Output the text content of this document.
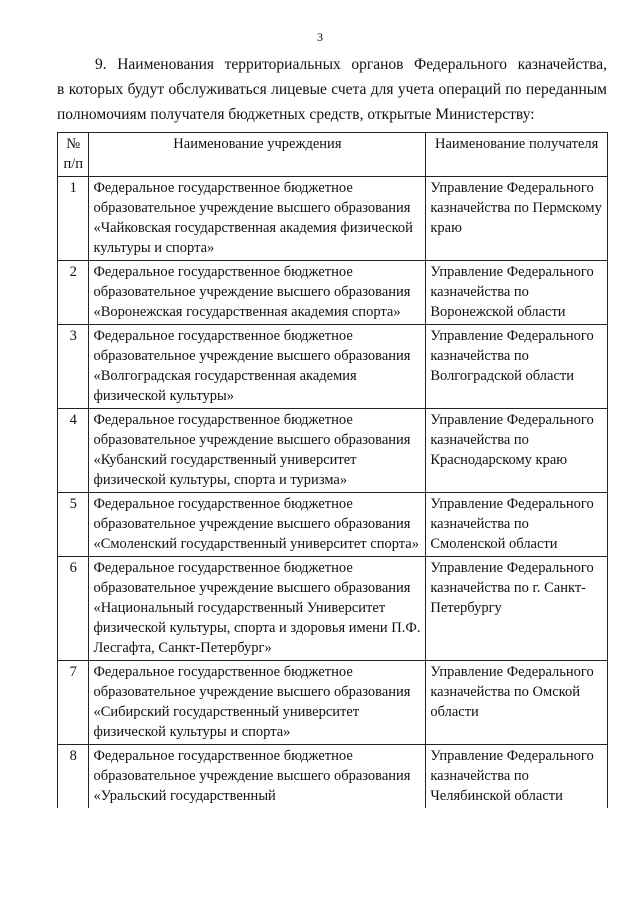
3
9. Наименования территориальных органов Федерального казначейства,
в которых будут обслуживаться лицевые счета для учета операций по переданным
полномочиям получателя бюджетных средств, открытые Министерству:
№ п/п	Наименование учреждения	Наименование получателя
1	Федеральное государственное бюджетное образовательное учреждение высшего образования «Чайковская государственная академия физической культуры и спорта»	Управление Федерального казначейства по Пермскому краю
2	Федеральное государственное бюджетное образовательное учреждение высшего образования «Воронежская государственная академия спорта»	Управление Федерального казначейства по Воронежской области
3	Федеральное государственное бюджетное образовательное учреждение высшего образования «Волгоградская государственная академия физической культуры»	Управление Федерального казначейства по Волгоградской области
4	Федеральное государственное бюджетное образовательное учреждение высшего образования «Кубанский государственный университет физической культуры, спорта и туризма»	Управление Федерального казначейства по Краснодарскому краю
5	Федеральное государственное бюджетное образовательное учреждение высшего образования «Смоленский государственный университет спорта»	Управление Федерального казначейства по Смоленской области
6	Федеральное государственное бюджетное образовательное учреждение высшего образования «Национальный государственный Университет физической культуры, спорта и здоровья имени П.Ф. Лесгафта, Санкт-Петербург»	Управление Федерального казначейства по г. Санкт-Петербургу
7	Федеральное государственное бюджетное образовательное учреждение высшего образования «Сибирский государственный университет физической культуры и спорта»	Управление Федерального казначейства по Омской области
8	Федеральное государственное бюджетное образовательное учреждение высшего образования «Уральский государственный	Управление Федерального казначейства по Челябинской области
